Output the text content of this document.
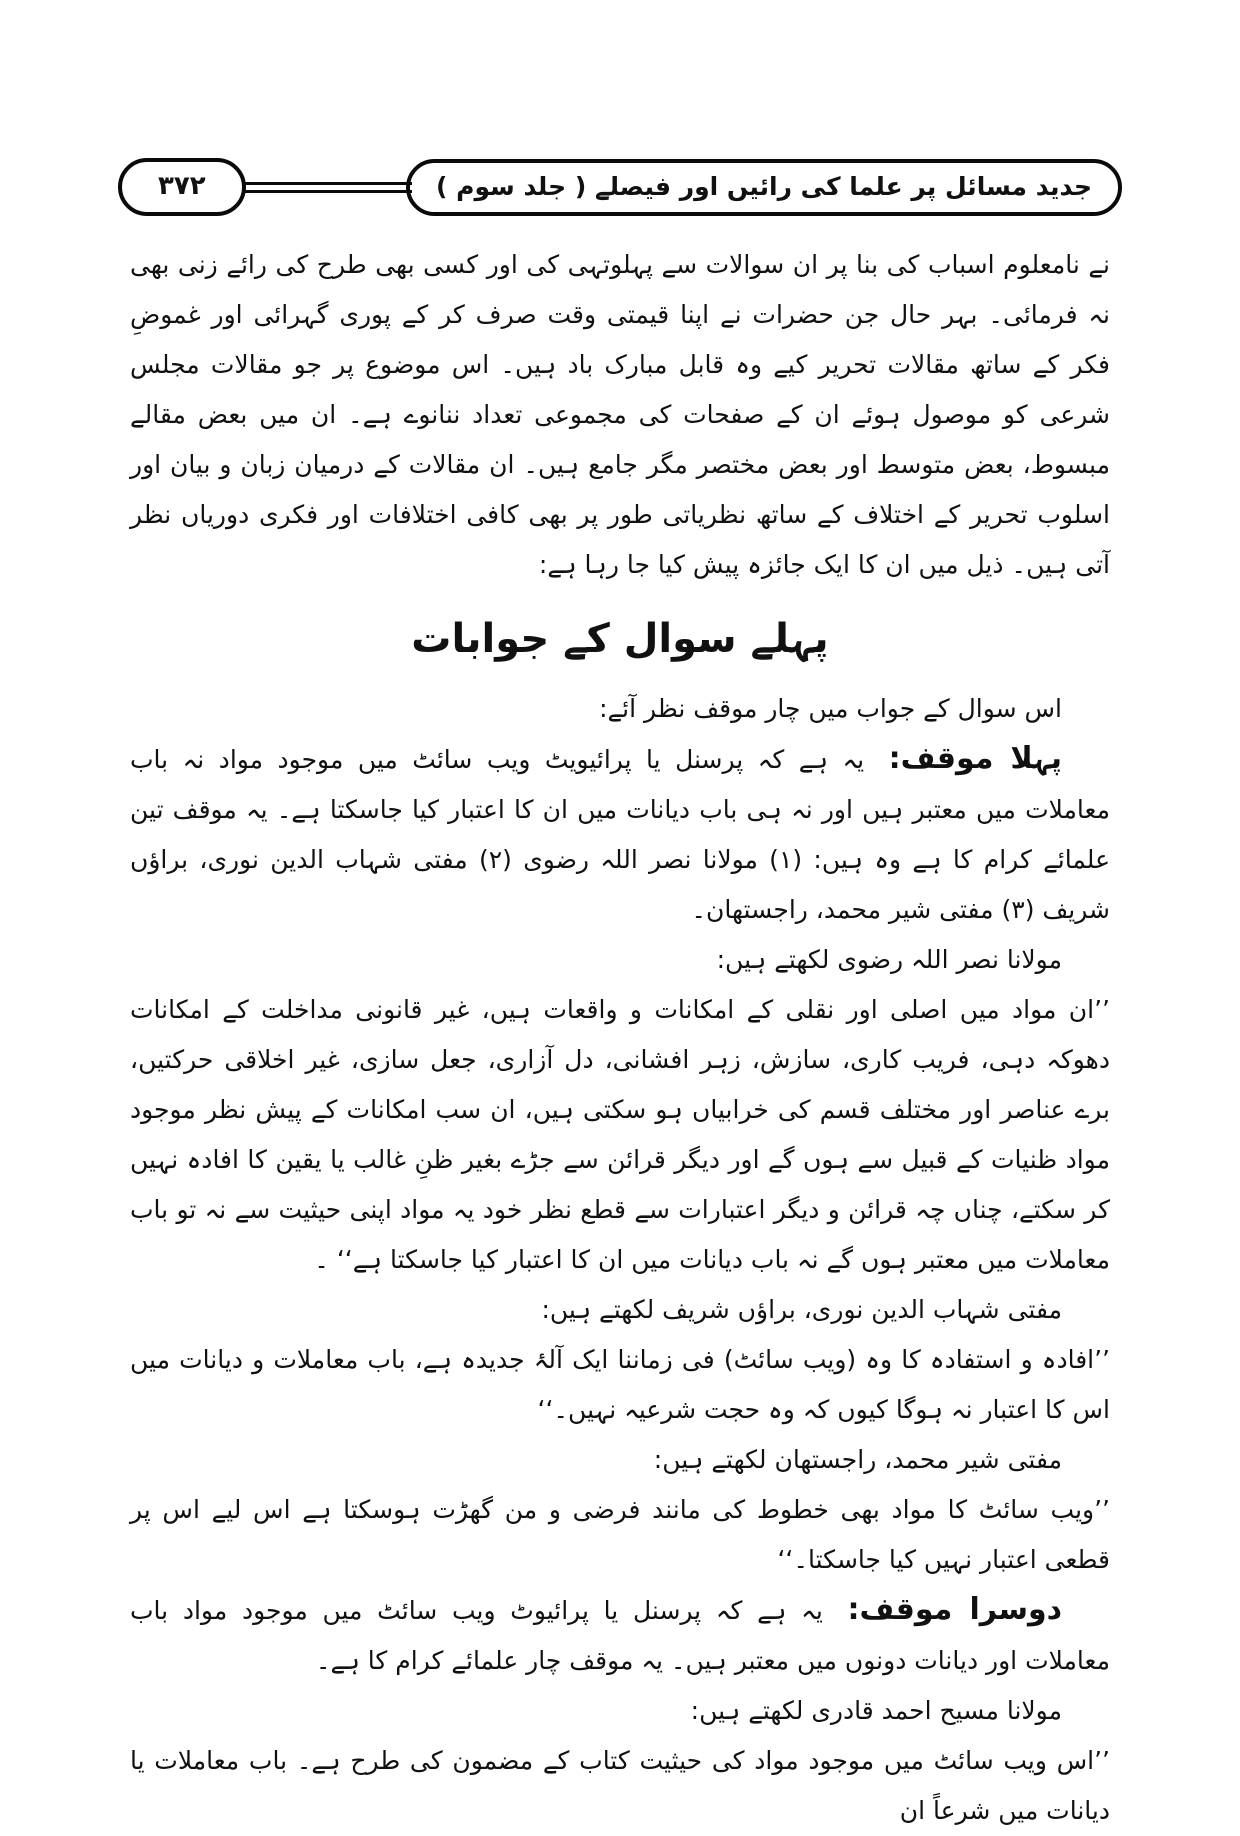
جدید مسائل پر علما کی رائیں اور فیصلے ( جلد سوم )
۳۷۲

نے نامعلوم اسباب کی بنا پر ان سوالات سے پہلوتہی کی اور کسی بھی طرح کی رائے زنی بھی نہ فرمائی۔ بہر حال جن حضرات نے اپنا قیمتی وقت صرف کر کے پوری گہرائی اور غموضِ فکر کے ساتھ مقالات تحریر کیے وہ قابل مبارک باد ہیں۔ اس موضوع پر جو مقالات مجلس شرعی کو موصول ہوئے ان کے صفحات کی مجموعی تعداد ننانوے ہے۔ ان میں بعض مقالے مبسوط، بعض متوسط اور بعض مختصر مگر جامع ہیں۔ ان مقالات کے درمیان زبان و بیان اور اسلوب تحریر کے اختلاف کے ساتھ نظریاتی طور پر بھی کافی اختلافات اور فکری دوریاں نظر آتی ہیں۔ ذیل میں ان کا ایک جائزہ پیش کیا جا رہا ہے:

پہلے سوال کے جوابات

اس سوال کے جواب میں چار موقف نظر آئے:

پہلا موقف: یہ ہے کہ پرسنل یا پرائیویٹ ویب سائٹ میں موجود مواد نہ باب معاملات میں معتبر ہیں اور نہ ہی باب دیانات میں ان کا اعتبار کیا جاسکتا ہے۔ یہ موقف تین علمائے کرام کا ہے وہ ہیں: (۱) مولانا نصر اللہ رضوی (۲) مفتی شہاب الدین نوری، براؤں شریف (۳) مفتی شیر محمد، راجستھان۔

مولانا نصر اللہ رضوی لکھتے ہیں:

’’ان مواد میں اصلی اور نقلی کے امکانات و واقعات ہیں، غیر قانونی مداخلت کے امکانات دھوکہ دہی، فریب کاری، سازش، زہر افشانی، دل آزاری، جعل سازی، غیر اخلاقی حرکتیں، برے عناصر اور مختلف قسم کی خرابیاں ہو سکتی ہیں، ان سب امکانات کے پیش نظر موجود مواد ظنیات کے قبیل سے ہوں گے اور دیگر قرائن سے جڑے بغیر ظنِ غالب یا یقین کا افادہ نہیں کر سکتے، چناں چہ قرائن و دیگر اعتبارات سے قطع نظر خود یہ مواد اپنی حیثیت سے نہ تو باب معاملات میں معتبر ہوں گے نہ باب دیانات میں ان کا اعتبار کیا جاسکتا ہے‘‘ ۔

مفتی شہاب الدین نوری، براؤں شریف لکھتے ہیں:

’’افادہ و استفادہ کا وہ (ویب سائٹ) فی زماننا ایک آلۂ جدیدہ ہے، باب معاملات و دیانات میں اس کا اعتبار نہ ہوگا کیوں کہ وہ حجت شرعیہ نہیں۔‘‘

مفتی شیر محمد، راجستھان لکھتے ہیں:

’’ویب سائٹ کا مواد بھی خطوط کی مانند فرضی و من گھڑت ہوسکتا ہے اس لیے اس پر قطعی اعتبار نہیں کیا جاسکتا۔‘‘

دوسرا موقف: یہ ہے کہ پرسنل یا پرائیوٹ ویب سائٹ میں موجود مواد باب معاملات اور دیانات دونوں میں معتبر ہیں۔ یہ موقف چار علمائے کرام کا ہے۔

مولانا مسیح احمد قادری لکھتے ہیں:

’’اس ویب سائٹ میں موجود مواد کی حیثیت کتاب کے مضمون کی طرح ہے۔ باب معاملات یا دیانات میں شرعاً ان
